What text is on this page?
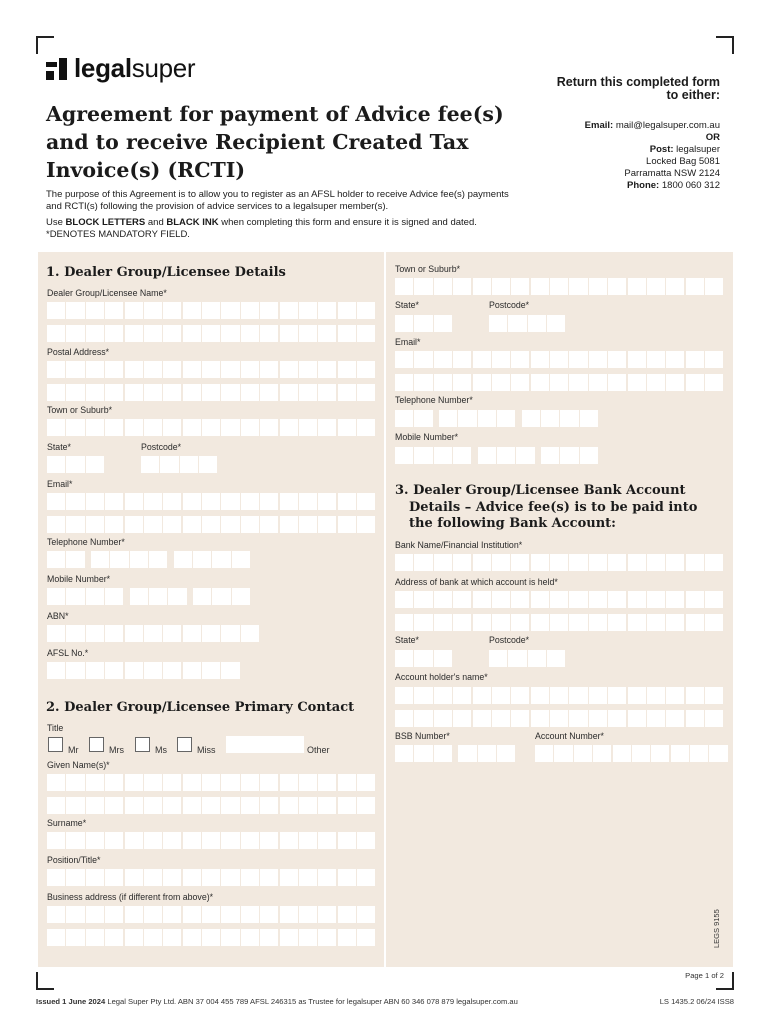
legalsuper
Agreement for payment of Advice fee(s) and to receive Recipient Created Tax Invoice(s) (RCTI)

The purpose of this Agreement is to allow you to register as an AFSL holder to receive Advice fee(s) payments and RCTI(s) following the provision of advice services to a legalsuper member(s).

Use BLOCK LETTERS and BLACK INK when completing this form and ensure it is signed and dated.
*DENOTES MANDATORY FIELD.

Return this completed form
to either:
Email: mail@legalsuper.com.au
OR
Post: legalsuper
Locked Bag 5081
Parramatta NSW 2124
Phone: 1800 060 312
1. Dealer Group/Licensee Details
Dealer Group/Licensee Name*
Postal Address*
Town or Suburb*
State*	Postcode*
Email*
Telephone Number*
Mobile Number*
ABN*
AFSL No.*
2. Dealer Group/Licensee Primary Contact
Title
Mr	Mrs	Ms	Miss	Other
Given Name(s)*
Surname*
Position/Title*
Business address (if different from above)*
Town or Suburb*
State*	Postcode*
Email*
Telephone Number*
Mobile Number*
3. Dealer Group/Licensee Bank Account
Details – Advice fee(s) is to be paid into
the following Bank Account:
Bank Name/Financial Institution*
Address of bank at which account is held*
State*	Postcode*
Account holder's name*
BSB Number*	Account Number*
LEGS 9155
Page 1 of 2
Issued 1 June 2024 Legal Super Pty Ltd. ABN 37 004 455 789 AFSL 246315 as Trustee for legalsuper ABN 60 346 078 879 legalsuper.com.au	LS 1435.2 06/24 ISS8
